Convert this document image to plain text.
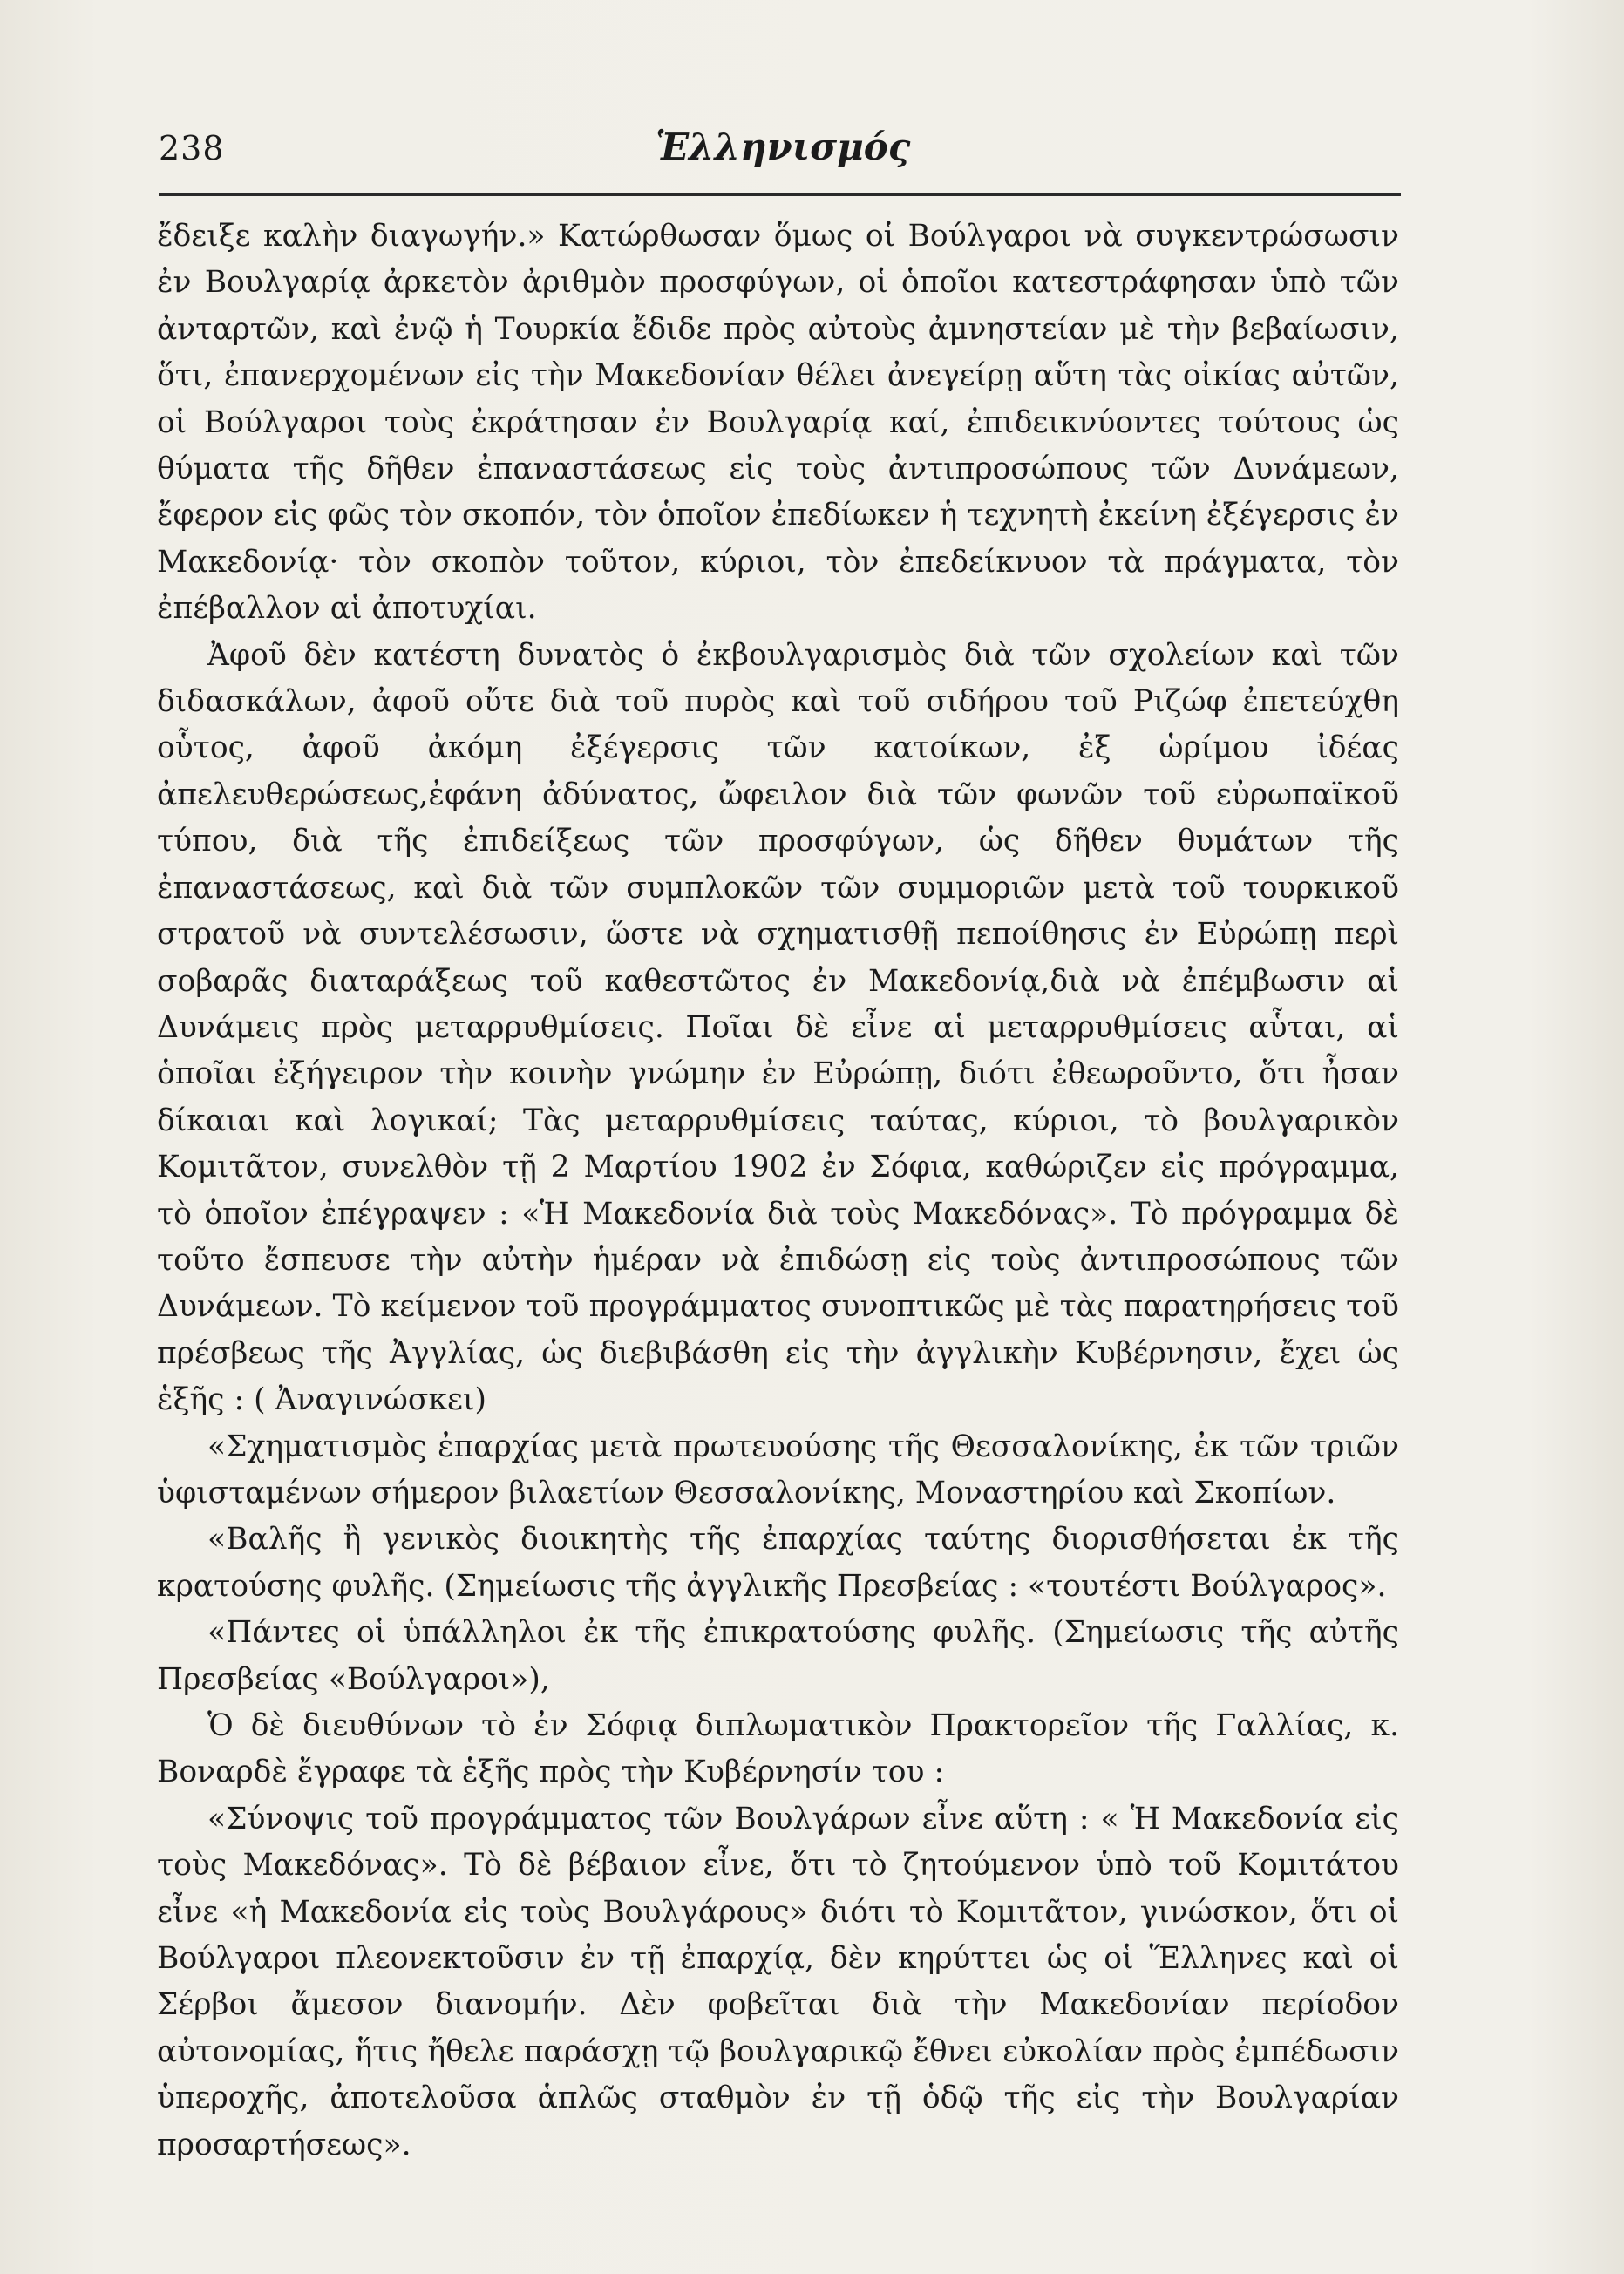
238	Ἑλληνισμός

ἔδειξε καλὴν διαγωγήν.» Κατώρθωσαν ὅμως οἱ Βούλγαροι νὰ συγκεντρώσωσιν ἐν Βουλγαρίᾳ ἀρκετὸν ἀριθμὸν προσφύγων, οἱ ὁποῖοι κατεστράφησαν ὑπὸ τῶν ἀνταρτῶν, καὶ ἐνῷ ἡ Τουρκία ἔδιδε πρὸς αὐτοὺς ἀμνηστείαν μὲ τὴν βεβαίωσιν, ὅτι, ἐπανερχομένων εἰς τὴν Μακεδονίαν θέλει ἀνεγείρῃ αὕτη τὰς οἰκίας αὐτῶν, οἱ Βούλγαροι τοὺς ἐκράτησαν ἐν Βουλγαρίᾳ καί, ἐπιδεικνύοντες τούτους ὡς θύματα τῆς δῆθεν ἐπαναστάσεως εἰς τοὺς ἀντιπροσώπους τῶν Δυνάμεων, ἔφερον εἰς φῶς τὸν σκοπόν, τὸν ὁποῖον ἐπεδίωκεν ἡ τεχνητὴ ἐκείνη ἐξέγερσις ἐν Μακεδονίᾳ· τὸν σκοπὸν τοῦτον, κύριοι, τὸν ἐπεδείκνυον τὰ πράγματα, τὸν ἐπέβαλλον αἱ ἀποτυχίαι.

Ἀφοῦ δὲν κατέστη δυνατὸς ὁ ἐκβουλγαρισμὸς διὰ τῶν σχολείων καὶ τῶν διδασκάλων, ἀφοῦ οὔτε διὰ τοῦ πυρὸς καὶ τοῦ σιδήρου τοῦ Ριζώφ ἐπετεύχθη οὗτος, ἀφοῦ ἀκόμη ἐξέγερσις τῶν κατοίκων, ἐξ ὡρίμου ἰδέας ἀπελευθερώσεως,ἐφάνη ἀδύνατος, ὤφειλον διὰ τῶν φωνῶν τοῦ εὐρωπαϊκοῦ τύπου, διὰ τῆς ἐπιδείξεως τῶν προσφύγων, ὡς δῆθεν θυμάτων τῆς ἐπαναστάσεως, καὶ διὰ τῶν συμπλοκῶν τῶν συμμοριῶν μετὰ τοῦ τουρκικοῦ στρατοῦ νὰ συντελέσωσιν, ὥστε νὰ σχηματισθῇ πεποίθησις ἐν Εὐρώπῃ περὶ σοβαρᾶς διαταράξεως τοῦ καθεστῶτος ἐν Μακεδονίᾳ,διὰ νὰ ἐπέμβωσιν αἱ Δυνάμεις πρὸς μεταρρυθμίσεις. Ποῖαι δὲ εἶνε αἱ μεταρρυθμίσεις αὗται, αἱ ὁποῖαι ἐξήγειρον τὴν κοινὴν γνώμην ἐν Εὐρώπῃ, διότι ἐθεωροῦντο, ὅτι ἦσαν δίκαιαι καὶ λογικαί; Τὰς μεταρρυθμίσεις ταύτας, κύριοι, τὸ βουλγαρικὸν Κομιτᾶτον, συνελθὸν τῇ 2 Μαρτίου 1902 ἐν Σόφια, καθώριζεν εἰς πρόγραμμα, τὸ ὁποῖον ἐπέγραψεν : «Ἡ Μακεδονία διὰ τοὺς Μακεδόνας». Τὸ πρόγραμμα δὲ τοῦτο ἔσπευσε τὴν αὐτὴν ἡμέραν νὰ ἐπιδώσῃ εἰς τοὺς ἀντιπροσώπους τῶν Δυνάμεων. Τὸ κείμενον τοῦ προγράμματος συνοπτικῶς μὲ τὰς παρατηρήσεις τοῦ πρέσβεως τῆς Ἀγγλίας, ὡς διεβιβάσθη εἰς τὴν ἀγγλικὴν Κυβέρνησιν, ἔχει ὡς ἑξῆς : ( Ἀναγινώσκει)

«Σχηματισμὸς ἐπαρχίας μετὰ πρωτευούσης τῆς Θεσσαλονίκης, ἐκ τῶν τριῶν ὑφισταμένων σήμερον βιλαετίων Θεσσαλονίκης, Μοναστηρίου καὶ Σκοπίων.

«Βαλῆς ἢ γενικὸς διοικητὴς τῆς ἐπαρχίας ταύτης διορισθήσεται ἐκ τῆς κρατούσης φυλῆς. (Σημείωσις τῆς ἀγγλικῆς Πρεσβείας : «τουτέστι Βούλγαρος».

«Πάντες οἱ ὑπάλληλοι ἐκ τῆς ἐπικρατούσης φυλῆς. (Σημείωσις τῆς αὐτῆς Πρεσβείας «Βούλγαροι»),

Ὁ δὲ διευθύνων τὸ ἐν Σόφιᾳ διπλωματικὸν Πρακτορεῖον τῆς Γαλλίας, κ. Βοναρδὲ ἔγραφε τὰ ἑξῆς πρὸς τὴν Κυβέρνησίν του :

«Σύνοψις τοῦ προγράμματος τῶν Βουλγάρων εἶνε αὕτη : « Ἡ Μακεδονία εἰς τοὺς Μακεδόνας». Τὸ δὲ βέβαιον εἶνε, ὅτι τὸ ζητούμενον ὑπὸ τοῦ Κομιτάτου εἶνε «ἡ Μακεδονία εἰς τοὺς Βουλγάρους» διότι τὸ Κομιτᾶτον, γινώσκον, ὅτι οἱ Βούλγαροι πλεονεκτοῦσιν ἐν τῇ ἐπαρχίᾳ, δὲν κηρύττει ὡς οἱ Ἕλληνες καὶ οἱ Σέρβοι ἄμεσον διανομήν. Δὲν φοβεῖται διὰ τὴν Μακεδονίαν περίοδον αὐτονομίας, ἥτις ἤθελε παράσχῃ τῷ βουλγαρικῷ ἔθνει εὐκολίαν πρὸς ἐμπέδωσιν ὑπεροχῆς, ἀποτελοῦσα ἁπλῶς σταθμὸν ἐν τῇ ὁδῷ τῆς εἰς τὴν Βουλγαρίαν προσαρτήσεως».
